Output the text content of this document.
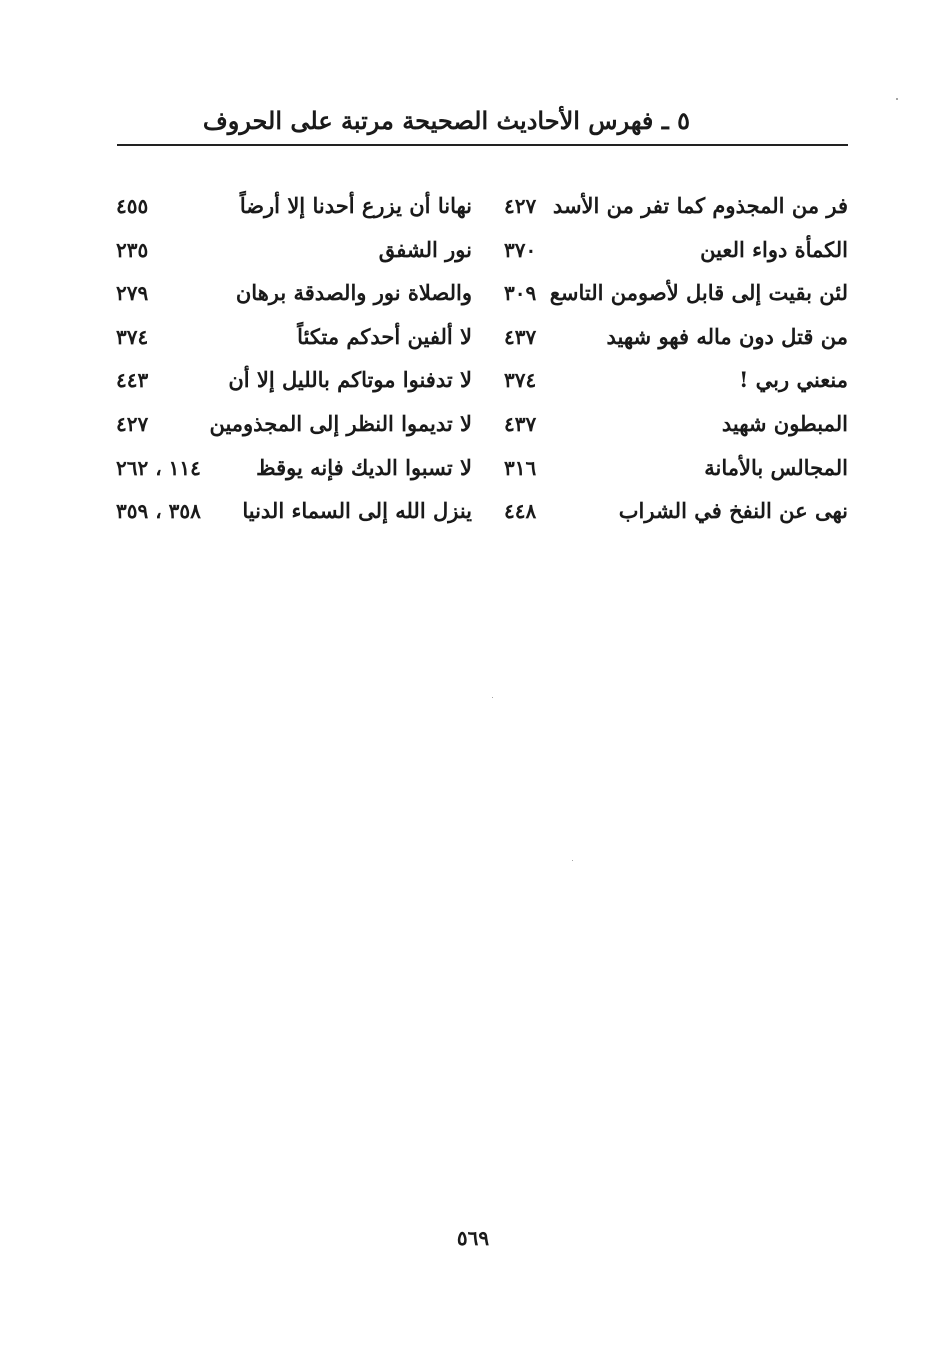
٥ ـ فهرس الأحاديث الصحيحة مرتبة على الحروف
فر من المجذوم كما تفر من الأسد
٤٢٧
الكمأة دواء العين
٣٧٠
لئن بقيت إلى قابل لأصومن التاسع
٣٠٩
من قتل دون ماله فهو شهيد
٤٣٧
منعني ربي !
٣٧٤
المبطون شهيد
٤٣٧
المجالس بالأمانة
٣١٦
نهى عن النفخ في الشراب
٤٤٨
نهانا أن يزرع أحدنا إلا أرضاً
٤٥٥
نور الشفق
٢٣٥
والصلاة نور والصدقة برهان
٢٧٩
لا ألفين أحدكم متكئاً
٣٧٤
لا تدفنوا موتاكم بالليل إلا أن
٤٤٣
لا تديموا النظر إلى المجذومين
٤٢٧
لا تسبوا الديك فإنه يوقظ
١١٤ ، ٢٦٢
ينزل الله إلى السماء الدنيا
٣٥٨ ، ٣٥٩
٥٦٩
